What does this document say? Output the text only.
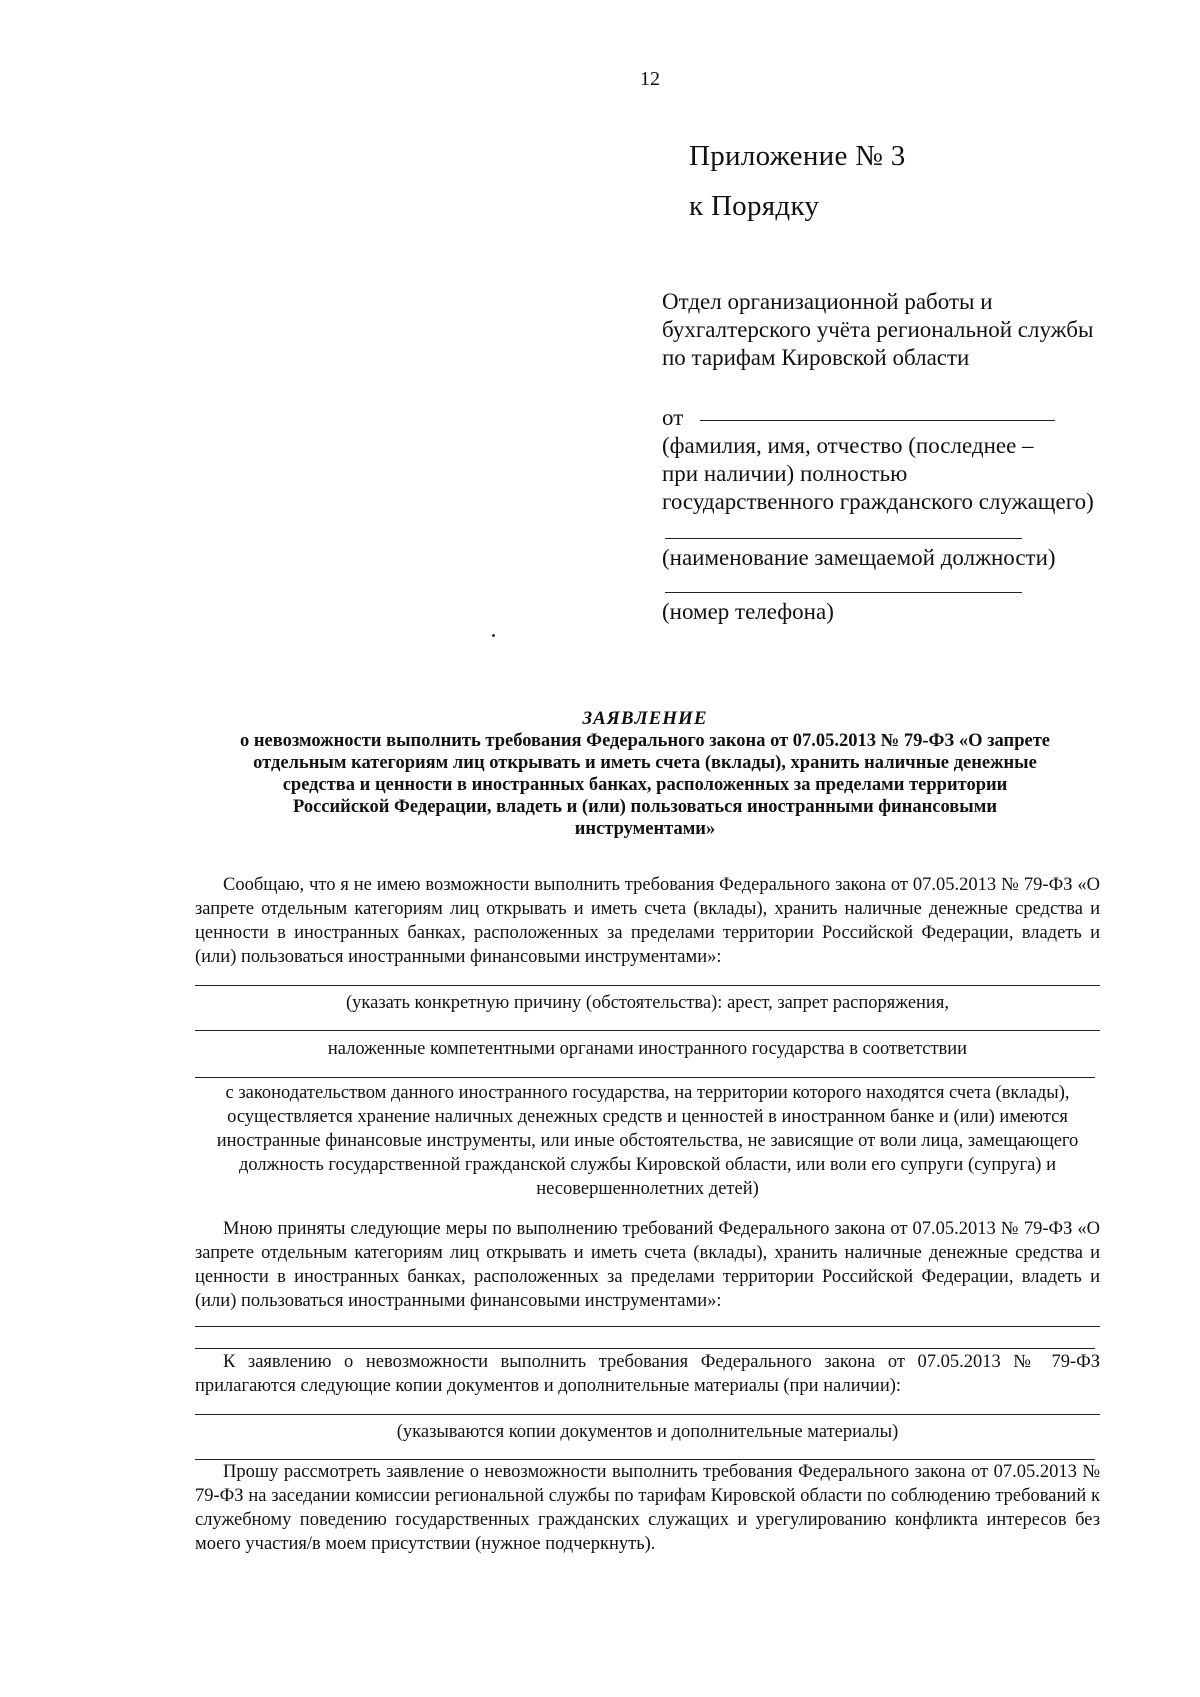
12
Приложение № 3
к Порядку
Отдел организационной работы и
бухгалтерского учёта региональной службы
по тарифам Кировской области
от
(фамилия, имя, отчество (последнее –
при наличии) полностью
государственного гражданского служащего)
(наименование замещаемой должности)
(номер телефона)
ЗАЯВЛЕНИЕ
о невозможности выполнить требования Федерального закона от 07.05.2013 № 79-ФЗ «О запрете
отдельным категориям лиц открывать и иметь счета (вклады), хранить наличные денежные
средства и ценности в иностранных банках, расположенных за пределами территории
Российской Федерации, владеть и (или) пользоваться иностранными финансовыми
инструментами»
Сообщаю, что я не имею возможности выполнить требования Федерального закона от 07.05.2013 № 79-ФЗ «О запрете отдельным категориям лиц открывать и иметь счета (вклады), хранить наличные денежные средства и ценности в иностранных банках, расположенных за пределами территории Российской Федерации, владеть и (или) пользоваться иностранными финансовыми инструментами»:
(указать конкретную причину (обстоятельства): арест, запрет распоряжения,
наложенные компетентными органами иностранного государства в соответствии
с законодательством данного иностранного государства, на территории которого находятся счета (вклады), осуществляется хранение наличных денежных средств и ценностей в иностранном банке и (или) имеются иностранные финансовые инструменты, или иные обстоятельства, не зависящие от воли лица, замещающего должность государственной гражданской службы Кировской области, или воли его супруги (супруга) и несовершеннолетних детей)
Мною приняты следующие меры по выполнению требований Федерального закона от 07.05.2013 № 79-ФЗ «О запрете отдельным категориям лиц открывать и иметь счета (вклады), хранить наличные денежные средства и ценности в иностранных банках, расположенных за пределами территории Российской Федерации, владеть и (или) пользоваться иностранными финансовыми инструментами»:
К заявлению о невозможности выполнить требования Федерального закона от 07.05.2013 № 79-ФЗ прилагаются следующие копии документов и дополнительные материалы (при наличии):
(указываются копии документов и дополнительные материалы)
Прошу рассмотреть заявление о невозможности выполнить требования Федерального закона от 07.05.2013 № 79-ФЗ на заседании комиссии региональной службы по тарифам Кировской области по соблюдению требований к служебному поведению государственных гражданских служащих и урегулированию конфликта интересов без моего участия/в моем присутствии (нужное подчеркнуть).
